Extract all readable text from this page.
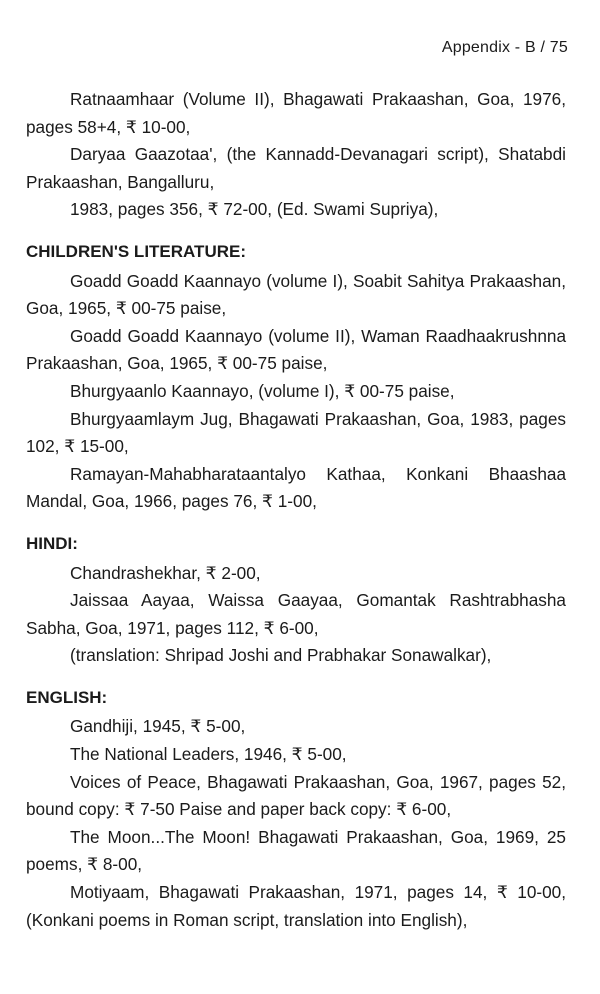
Appendix - B / 75

Ratnaamhaar (Volume II), Bhagawati Prakaashan, Goa, 1976, pages 58+4, ₹ 10-00,

Daryaa Gaazotaa', (the Kannadd-Devanagari script), Shatabdi Prakaashan, Bangalluru,

1983, pages 356, ₹ 72-00, (Ed. Swami Supriya),

CHILDREN'S LITERATURE:

Goadd Goadd Kaannayo (volume I), Soabit Sahitya Prakaashan, Goa, 1965, ₹ 00-75 paise,

Goadd Goadd Kaannayo (volume II), Waman Raadhaakrushnna Prakaashan, Goa, 1965, ₹ 00-75 paise,

Bhurgyaanlo Kaannayo, (volume I), ₹ 00-75 paise,

Bhurgyaamlaym Jug, Bhagawati Prakaashan, Goa, 1983, pages 102, ₹ 15-00,

Ramayan-Mahabharataantalyo Kathaa, Konkani Bhaashaa Mandal, Goa, 1966, pages 76, ₹ 1-00,

HINDI:

Chandrashekhar, ₹ 2-00,

Jaissaa Aayaa, Waissa Gaayaa, Gomantak Rashtrabhasha Sabha, Goa, 1971, pages 112, ₹ 6-00,

(translation: Shripad Joshi and Prabhakar Sonawalkar),

ENGLISH:

Gandhiji, 1945, ₹ 5-00,

The National Leaders, 1946, ₹ 5-00,

Voices of Peace, Bhagawati Prakaashan, Goa, 1967, pages 52, bound copy: ₹ 7-50 Paise and paper back copy: ₹ 6-00,

The Moon...The Moon! Bhagawati Prakaashan, Goa, 1969, 25 poems, ₹ 8-00,

Motiyaam, Bhagawati Prakaashan, 1971, pages 14, ₹ 10-00, (Konkani poems in Roman script, translation into English),
